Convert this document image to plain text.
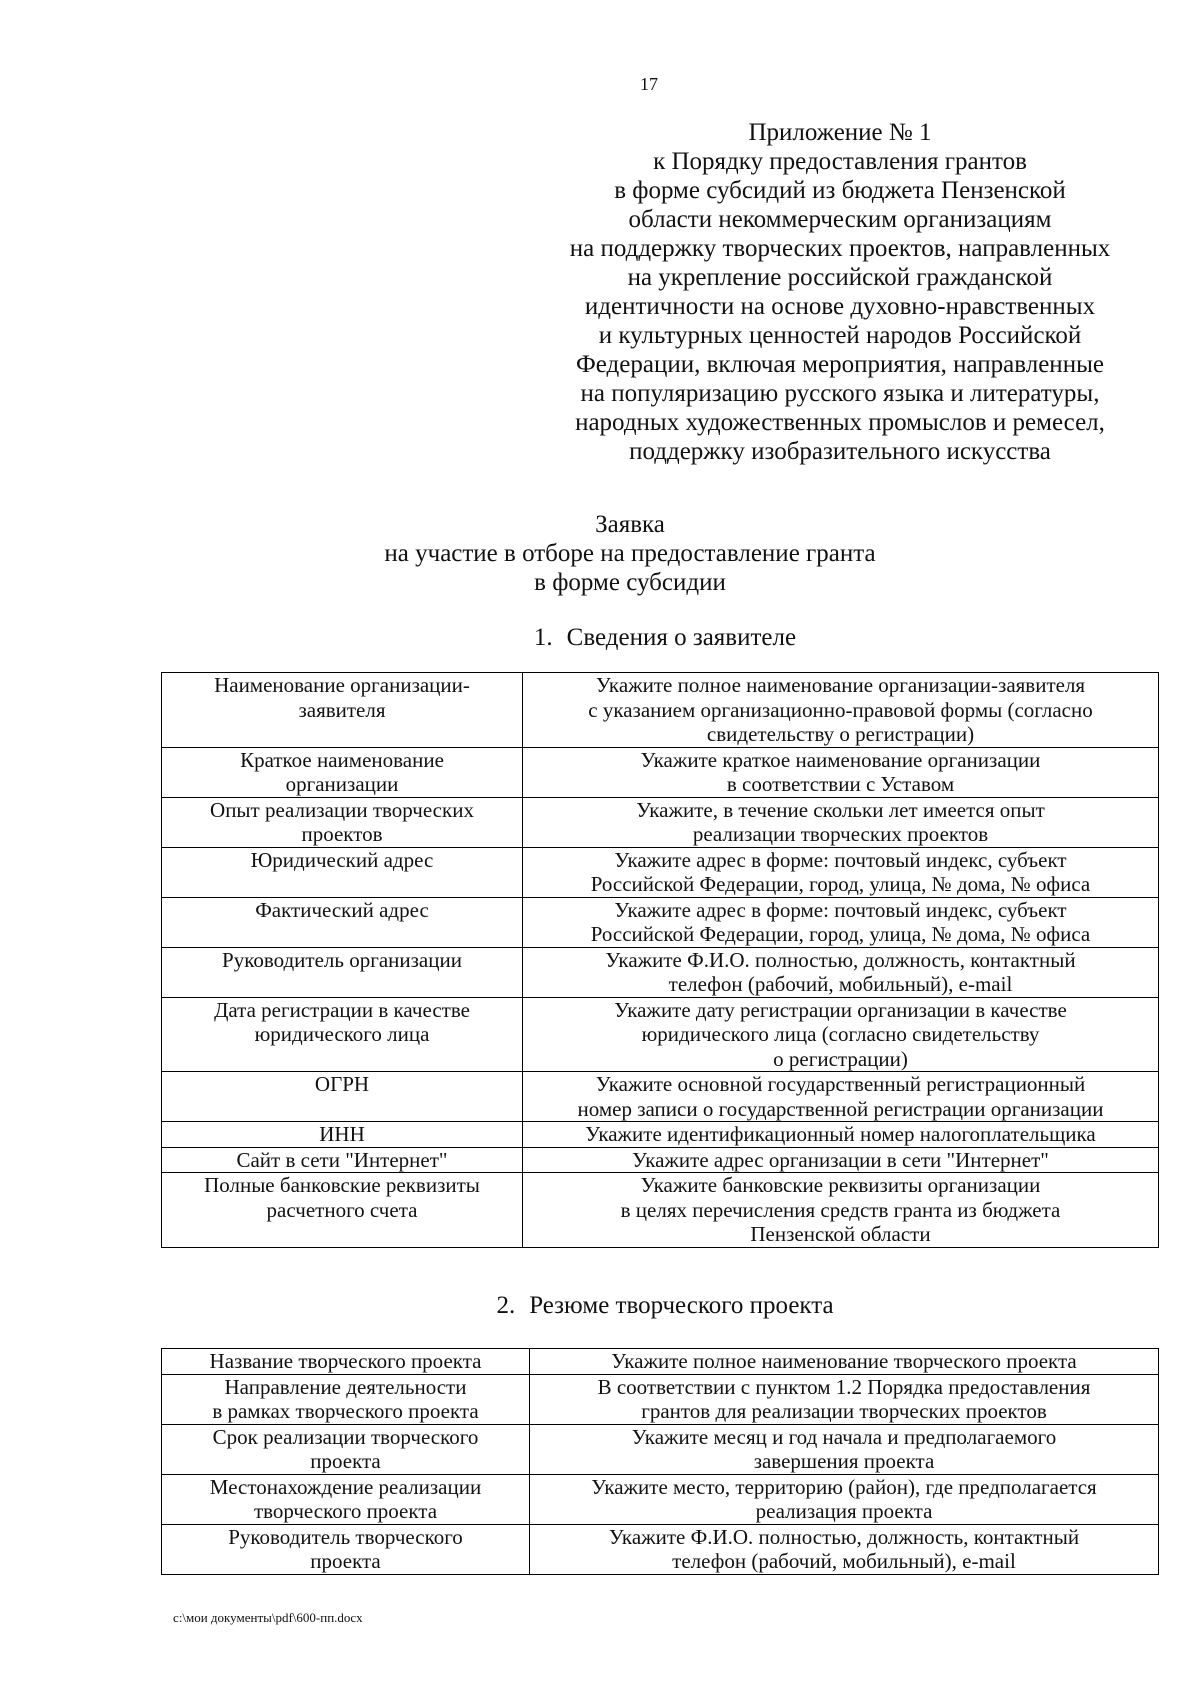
17
Приложение № 1
к Порядку предоставления грантов
в форме субсидий из бюджета Пензенской
области некоммерческим организациям
на поддержку творческих проектов, направленных
на укрепление российской гражданской
идентичности на основе духовно-нравственных
и культурных ценностей народов Российской
Федерации, включая мероприятия, направленные
на популяризацию русского языка и литературы,
народных художественных промыслов и ремесел,
поддержку изобразительного искусства
Заявка
на участие в отборе на предоставление гранта
в форме субсидии
1. Сведения о заявителе
Наименование организации-
заявителя	Укажите полное наименование организации-заявителя
с указанием организационно-правовой формы (согласно
свидетельству о регистрации)
Краткое наименование
организации	Укажите краткое наименование организации
в соответствии с Уставом
Опыт реализации творческих
проектов	Укажите, в течение скольки лет имеется опыт
реализации творческих проектов
Юридический адрес	Укажите адрес в форме: почтовый индекс, субъект
Российской Федерации, город, улица, № дома, № офиса
Фактический адрес	Укажите адрес в форме: почтовый индекс, субъект
Российской Федерации, город, улица, № дома, № офиса
Руководитель организации	Укажите Ф.И.О. полностью, должность, контактный
телефон (рабочий, мобильный), e-mail
Дата регистрации в качестве
юридического лица	Укажите дату регистрации организации в качестве
юридического лица (согласно свидетельству
о регистрации)
ОГРН	Укажите основной государственный регистрационный
номер записи о государственной регистрации организации
ИНН	Укажите идентификационный номер налогоплательщика
Сайт в сети "Интернет"	Укажите адрес организации в сети "Интернет"
Полные банковские реквизиты
расчетного счета	Укажите банковские реквизиты организации
в целях перечисления средств гранта из бюджета
Пензенской области
2. Резюме творческого проекта
Название творческого проекта	Укажите полное наименование творческого проекта
Направление деятельности
в рамках творческого проекта	В соответствии с пунктом 1.2 Порядка предоставления
грантов для реализации творческих проектов
Срок реализации творческого
проекта	Укажите месяц и год начала и предполагаемого
завершения проекта
Местонахождение реализации
творческого проекта	Укажите место, территорию (район), где предполагается
реализация проекта
Руководитель творческого
проекта	Укажите Ф.И.О. полностью, должность, контактный
телефон (рабочий, мобильный), e-mail
c:\мои документы\pdf\600-пп.docx
